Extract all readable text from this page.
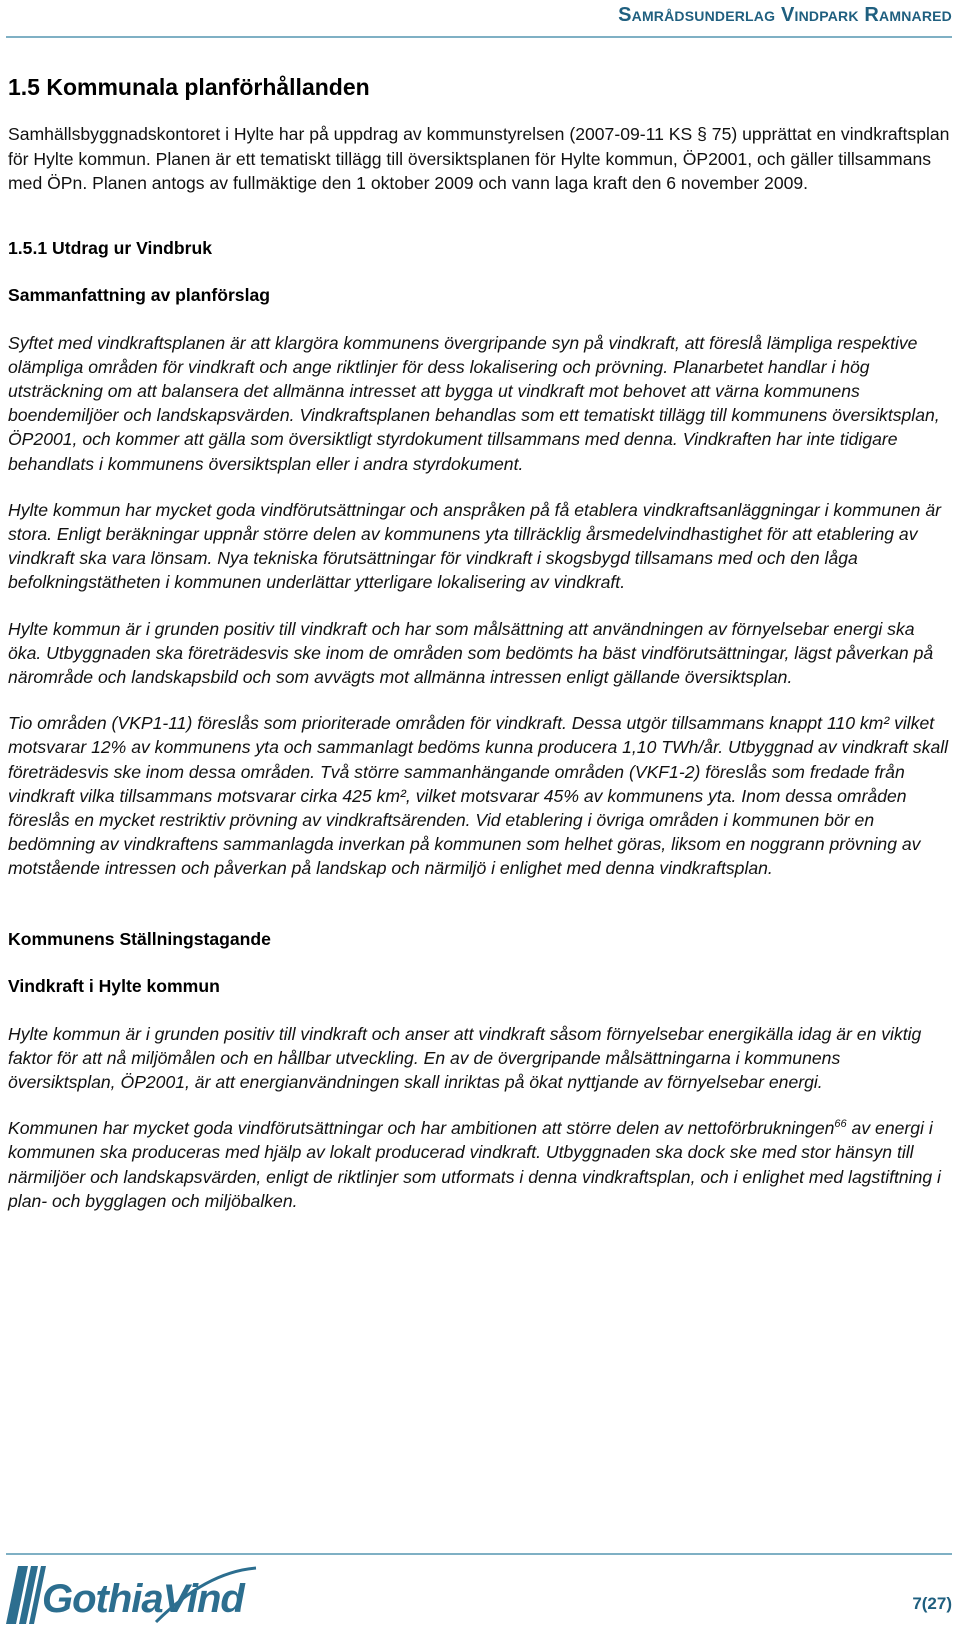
Samrådsunderlag Vindpark Ramnared
1.5 Kommunala planförhållanden

Samhällsbyggnadskontoret i Hylte har på uppdrag av kommunstyrelsen (2007-09-11 KS § 75) upprättat en vindkraftsplan för Hylte kommun. Planen är ett tematiskt tillägg till översiktsplanen för Hylte kommun, ÖP2001, och gäller tillsammans med ÖPn. Planen antogs av fullmäktige den 1 oktober 2009 och vann laga kraft den 6 november 2009.

1.5.1 Utdrag ur Vindbruk
Sammanfattning av planförslag

Syftet med vindkraftsplanen är att klargöra kommunens övergripande syn på vindkraft, att föreslå lämpliga respektive olämpliga områden för vindkraft och ange riktlinjer för dess lokalisering och prövning. Planarbetet handlar i hög utsträckning om att balansera det allmänna intresset att bygga ut vindkraft mot behovet att värna kommunens boendemiljöer och landskapsvärden. Vindkraftsplanen behandlas som ett tematiskt tillägg till kommunens översiktsplan, ÖP2001, och kommer att gälla som översiktligt styrdokument tillsammans med denna. Vindkraften har inte tidigare behandlats i kommunens översiktsplan eller i andra styrdokument.

Hylte kommun har mycket goda vindförutsättningar och anspråken på få etablera vindkraftsanläggningar i kommunen är stora. Enligt beräkningar uppnår större delen av kommunens yta tillräcklig årsmedelvindhastighet för att etablering av vindkraft ska vara lönsam. Nya tekniska förutsättningar för vindkraft i skogsbygd tillsamans med och den låga befolkningstätheten i kommunen underlättar ytterligare lokalisering av vindkraft.

Hylte kommun är i grunden positiv till vindkraft och har som målsättning att användningen av förnyelsebar energi ska öka. Utbyggnaden ska företrädesvis ske inom de områden som bedömts ha bäst vindförutsättningar, lägst påverkan på närområde och landskapsbild och som avvägts mot allmänna intressen enligt gällande översiktsplan.

Tio områden (VKP1-11) föreslås som prioriterade områden för vindkraft. Dessa utgör tillsammans knappt 110 km² vilket motsvarar 12% av kommunens yta och sammanlagt bedöms kunna producera 1,10 TWh/år. Utbyggnad av vindkraft skall företrädesvis ske inom dessa områden. Två större sammanhängande områden (VKF1-2) föreslås som fredade från vindkraft vilka tillsammans motsvarar cirka 425 km², vilket motsvarar 45% av kommunens yta. Inom dessa områden föreslås en mycket restriktiv prövning av vindkraftsärenden. Vid etablering i övriga områden i kommunen bör en bedömning av vindkraftens sammanlagda inverkan på kommunen som helhet göras, liksom en noggrann prövning av motstående intressen och påverkan på landskap och närmiljö i enlighet med denna vindkraftsplan.

Kommunens Ställningstagande
Vindkraft i Hylte kommun

Hylte kommun är i grunden positiv till vindkraft och anser att vindkraft såsom förnyelsebar energikälla idag är en viktig faktor för att nå miljömålen och en hållbar utveckling. En av de övergripande målsättningarna i kommunens översiktsplan, ÖP2001, är att energianvändningen skall inriktas på ökat nyttjande av förnyelsebar energi.

Kommunen har mycket goda vindförutsättningar och har ambitionen att större delen av nettoförbrukningen$^{66}$ av energi i kommunen ska produceras med hjälp av lokalt producerad vindkraft. Utbyggnaden ska dock ske med stor hänsyn till närmiljöer och landskapsvärden, enligt de riktlinjer som utformats i denna vindkraftsplan, och i enlighet med lagstiftning i plan- och bygglagen och miljöbalken.

GothiaVind	7(27)
